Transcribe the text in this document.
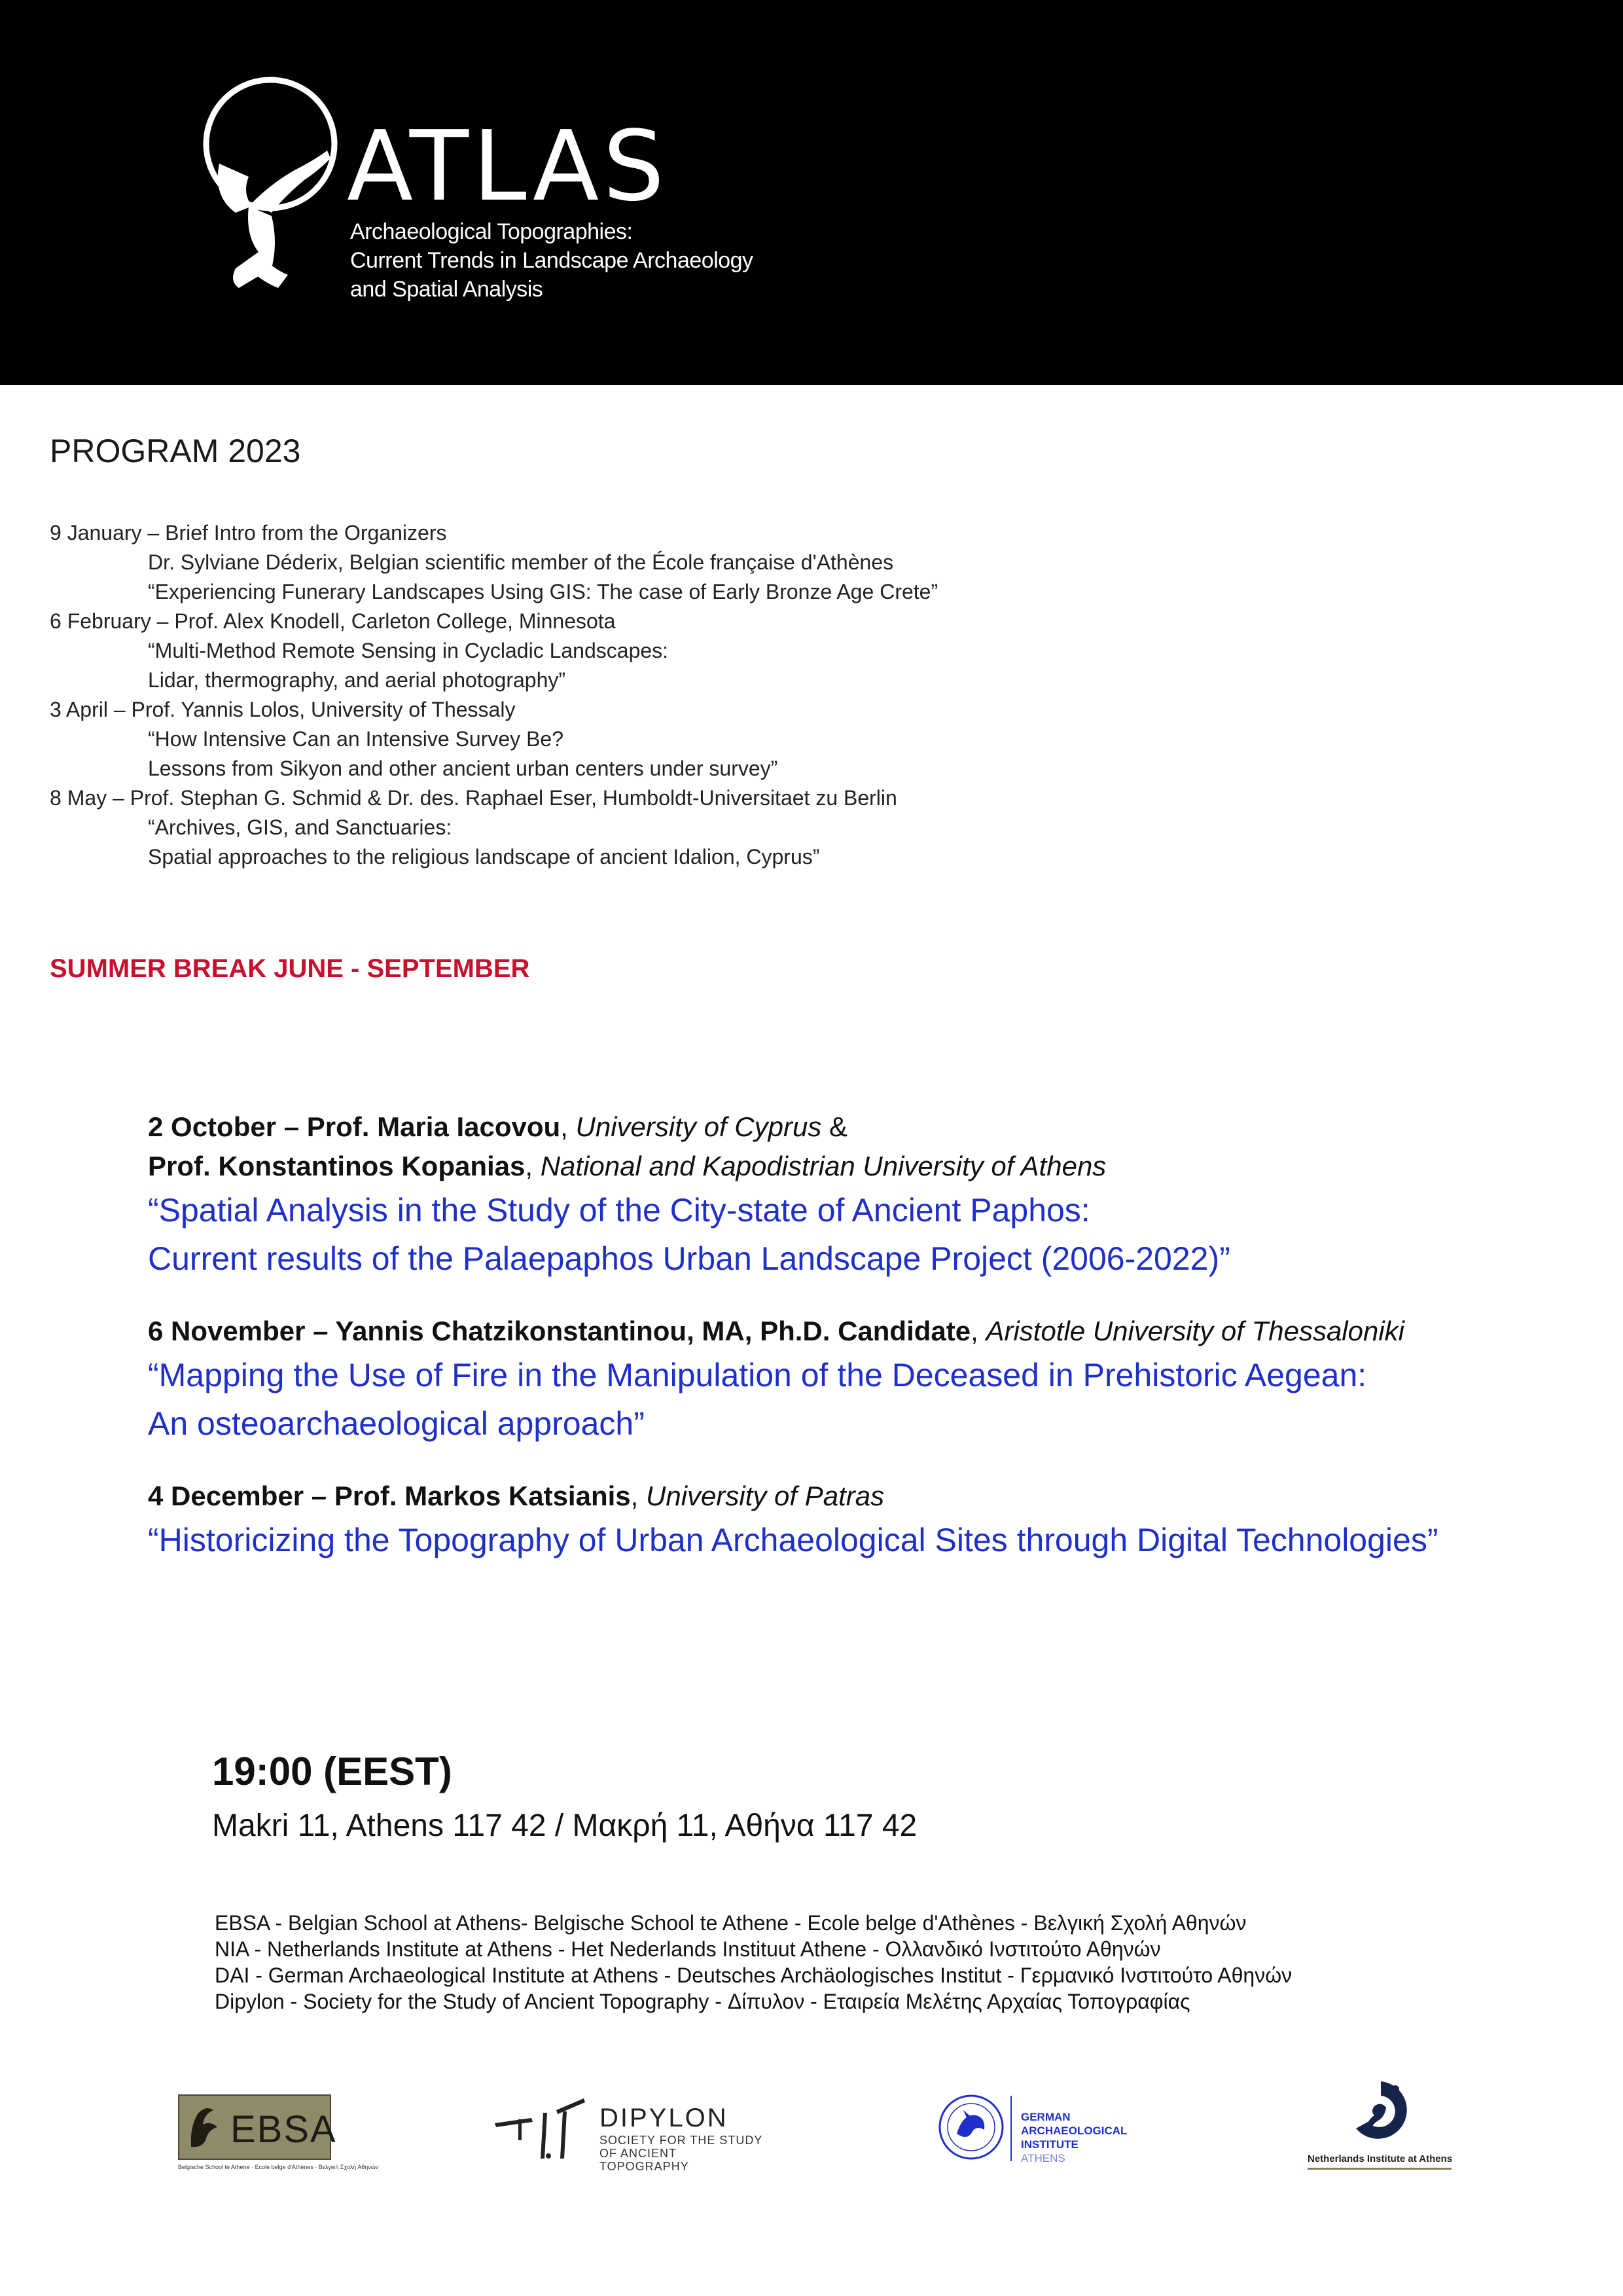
ATLAS
Archaeological Topographies:
Current Trends in Landscape Archaeology
and Spatial Analysis
PROGRAM 2023
9 January – Brief Intro from the Organizers
Dr. Sylviane Déderix, Belgian scientific member of the École française d'Athènes
“Experiencing Funerary Landscapes Using GIS: The case of Early Bronze Age Crete”
6 February – Prof. Alex Knodell, Carleton College, Minnesota
“Multi-Method Remote Sensing in Cycladic Landscapes:
Lidar, thermography, and aerial photography”
3 April – Prof. Yannis Lolos, University of Thessaly
“How Intensive Can an Intensive Survey Be?
Lessons from Sikyon and other ancient urban centers under survey”
8 May – Prof. Stephan G. Schmid & Dr. des. Raphael Eser, Humboldt-Universitaet zu Berlin
“Archives, GIS, and Sanctuaries:
Spatial approaches to the religious landscape of ancient Idalion, Cyprus”
SUMMER BREAK JUNE - SEPTEMBER
2 October – Prof. Maria Iacovou, University of Cyprus &
Prof. Konstantinos Kopanias, National and Kapodistrian University of Athens
“Spatial Analysis in the Study of the City-state of Ancient Paphos:
Current results of the Palaepaphos Urban Landscape Project (2006-2022)”
6 November – Yannis Chatzikonstantinou, MA, Ph.D. Candidate, Aristotle University of Thessaloniki
“Mapping the Use of Fire in the Manipulation of the Deceased in Prehistoric Aegean:
An osteoarchaeological approach”
4 December – Prof. Markos Katsianis, University of Patras
“Historicizing the Topography of Urban Archaeological Sites through Digital Technologies”
19:00 (EEST)
Makri 11, Athens 117 42 / Μακρή 11, Αθήνα 117 42
EBSA - Belgian School at Athens- Belgische School te Athene - Ecole belge d'Athènes - Βελγική Σχολή Αθηνών
NIA - Netherlands Institute at Athens - Het Nederlands Instituut Athene - Ολλανδικό Ινστιτούτο Αθηνών
DAI - German Archaeological Institute at Athens - Deutsches Archäologisches Institut - Γερμανικό Ινστιτούτο Αθηνών
Dipylon - Society for the Study of Ancient Topography - Δίπυλον - Εταιρεία Μελέτης Αρχαίας Τοπογραφίας
EBSA
Belgische School te Athene · Ecole belge d'Athènes · Βελγική Σχολή Αθηνών
DIPYLON
SOCIETY FOR THE STUDY
OF ANCIENT TOPOGRAPHY
GERMAN
ARCHAEOLOGICAL INSTITUTE
ATHENS	Netherlands Institute at Athens
